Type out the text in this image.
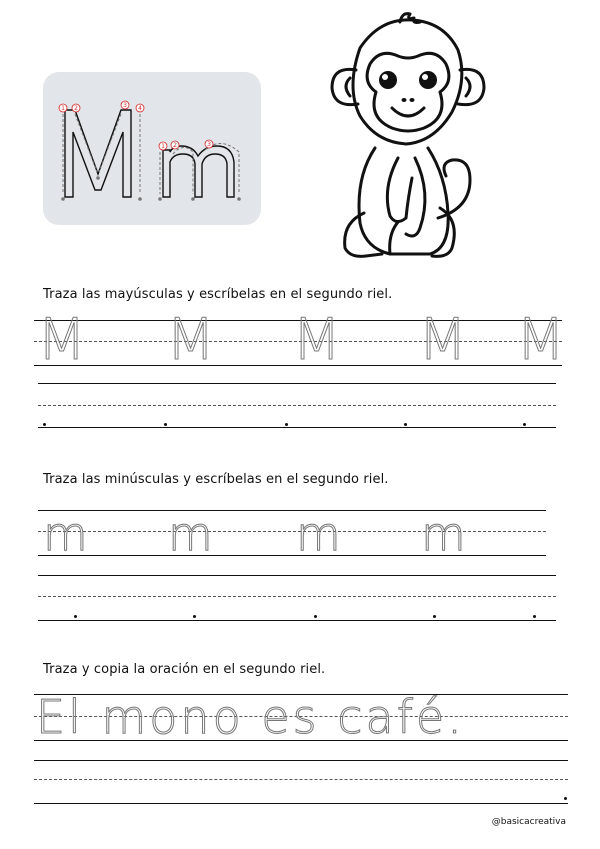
1 2	3 4
1 2	3
Traza las mayúsculas y escríbelas en el segundo riel.
M M M M M
Traza las minúsculas y escríbelas en el segundo riel.
m m m m
Traza y copia la oración en el segundo riel.
El mono es café.
@basicacreativa
